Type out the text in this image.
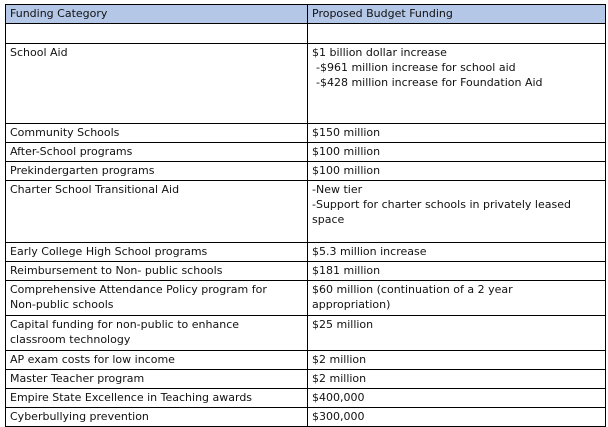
Funding Category	Proposed Budget Funding

School Aid	$1 billion dollar increase
-$961 million increase for school aid
-$428 million increase for Foundation Aid

Community Schools	$150 million
After-School programs	$100 million
Prekindergarten programs	$100 million
Charter School Transitional Aid	-New tier
-Support for charter schools in privately leased
space

Early College High School programs	$5.3 million increase
Reimbursement to Non- public schools	$181 million

Comprehensive Attendance Policy program for
Non-public schools	$60 million (continuation of a 2 year
appropriation)

Capital funding for non-public to enhance
classroom technology	$25 million
AP exam costs for low income	$2 million
Master Teacher program	$2 million
Empire State Excellence in Teaching awards	$400,000
Cyberbullying prevention	$300,000
